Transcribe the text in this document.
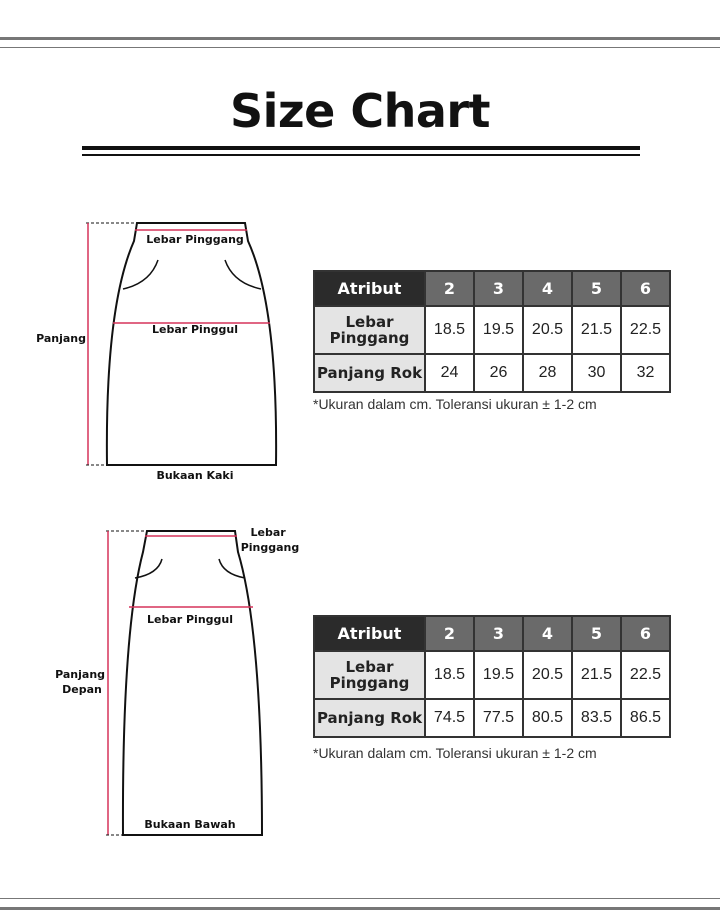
Size Chart
Lebar Pinggang
Lebar Pinggul
Panjang
Bukaan Kaki
Atribut	2	3	4	5	6
Lebar
Pinggang	18.5	19.5	20.5	21.5	22.5
Panjang Rok	24	26	28	30	32
*Ukuran dalam cm. Toleransi ukuran ± 1-2 cm
Lebar Pinggang
Lebar Pinggul
Panjang Depan
Bukaan Bawah
Atribut	2	3	4	5	6
Lebar
Pinggang	18.5	19.5	20.5	21.5	22.5
Panjang Rok	74.5	77.5	80.5	83.5	86.5
*Ukuran dalam cm. Toleransi ukuran ± 1-2 cm
